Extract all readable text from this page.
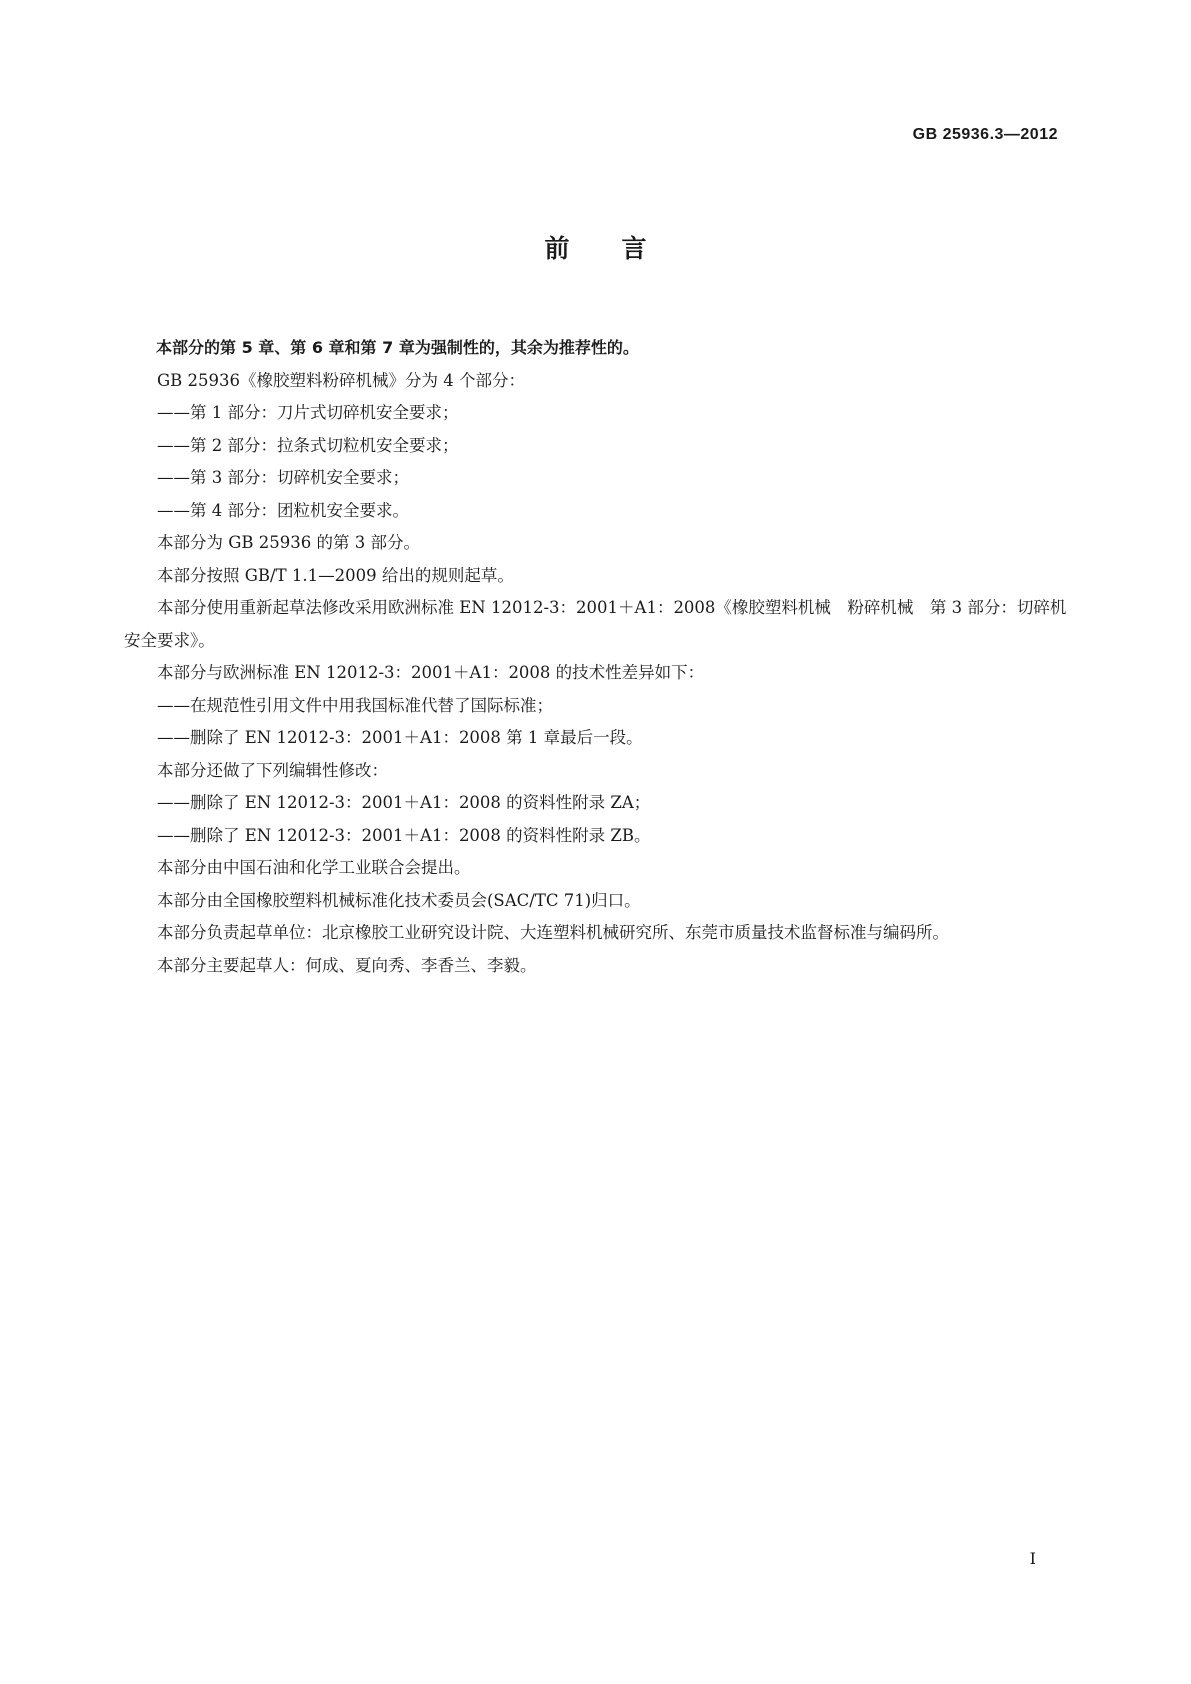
GB 25936.3—2012
前 言

本部分的第 5 章、第 6 章和第 7 章为强制性的，其余为推荐性的。

GB 25936《橡胶塑料粉碎机械》分为 4 个部分：

——第 1 部分：刀片式切碎机安全要求；

——第 2 部分：拉条式切粒机安全要求；

——第 3 部分：切碎机安全要求；

——第 4 部分：团粒机安全要求。

本部分为 GB 25936 的第 3 部分。

本部分按照 GB/T 1.1—2009 给出的规则起草。

本部分使用重新起草法修改采用欧洲标准 EN 12012-3：2001＋A1：2008《橡胶塑料机械　粉碎机械　第 3 部分：切碎机安全要求》。

本部分与欧洲标准 EN 12012-3：2001＋A1：2008 的技术性差异如下：

——在规范性引用文件中用我国标准代替了国际标准；

——删除了 EN 12012-3：2001＋A1：2008 第 1 章最后一段。

本部分还做了下列编辑性修改：

——删除了 EN 12012-3：2001＋A1：2008 的资料性附录 ZA；

——删除了 EN 12012-3：2001＋A1：2008 的资料性附录 ZB。

本部分由中国石油和化学工业联合会提出。

本部分由全国橡胶塑料机械标准化技术委员会(SAC/TC 71)归口。

本部分负责起草单位：北京橡胶工业研究设计院、大连塑料机械研究所、东莞市质量技术监督标准与编码所。

本部分主要起草人：何成、夏向秀、李香兰、李毅。

I
